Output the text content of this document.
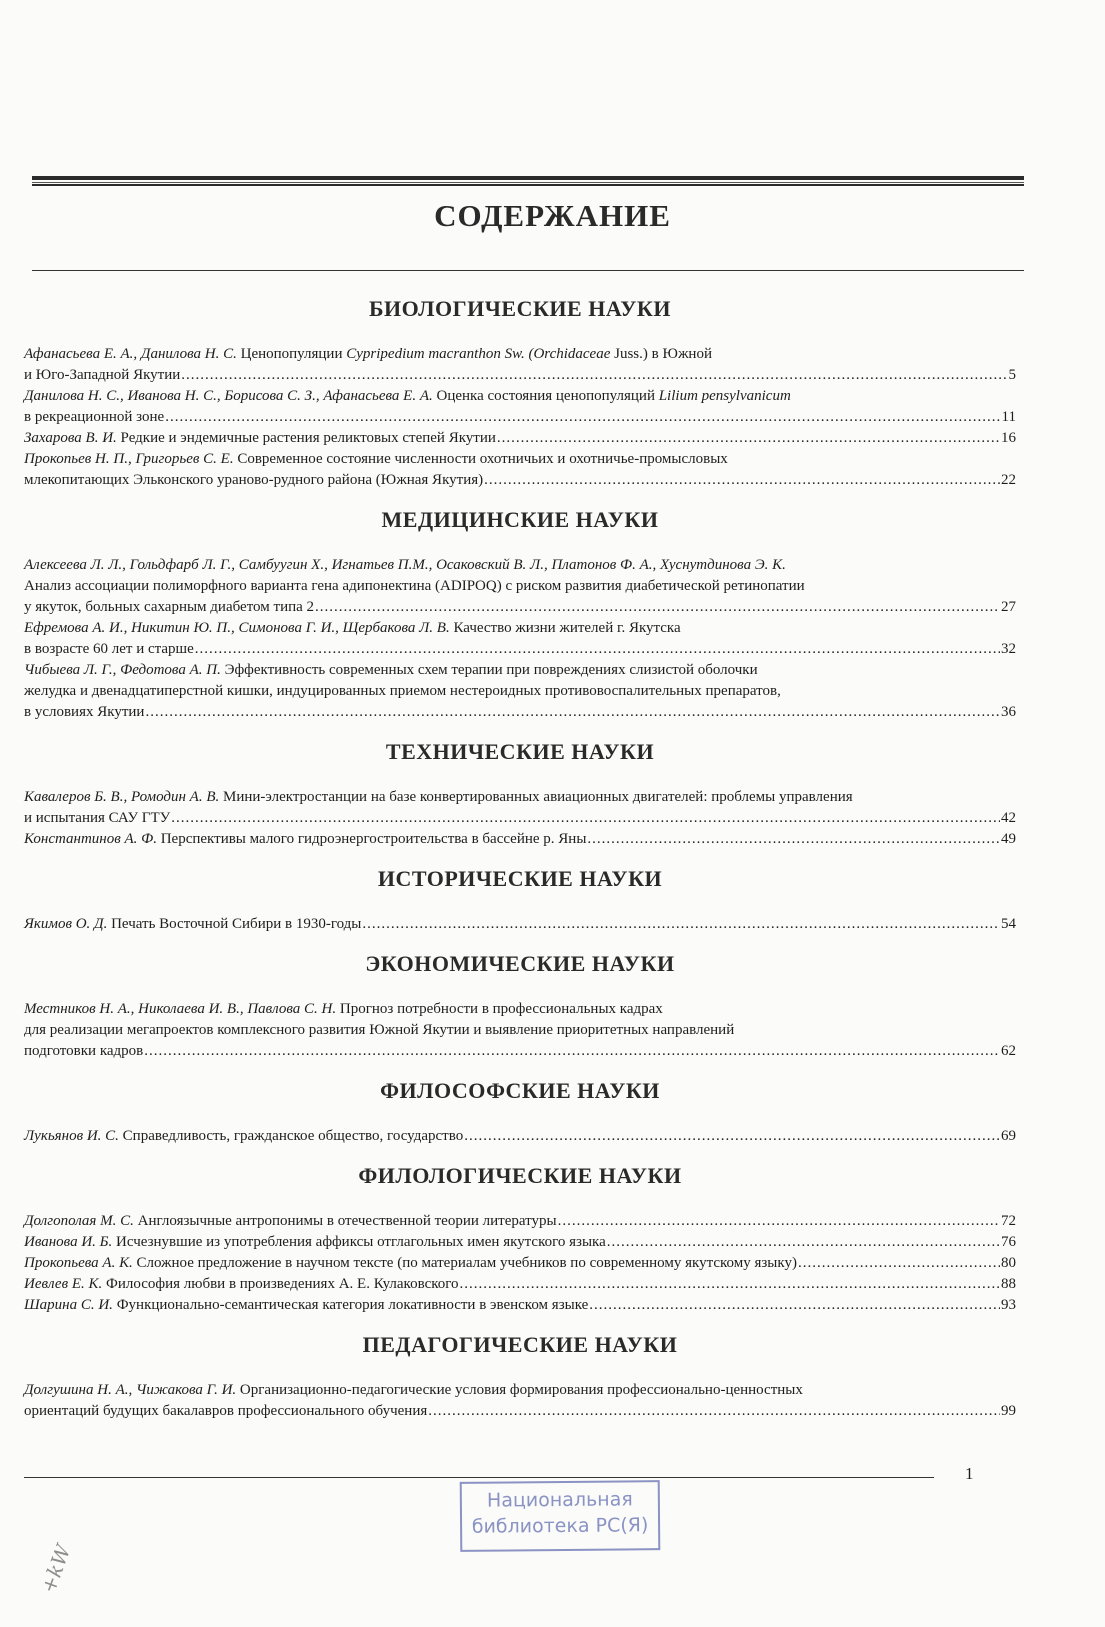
СОДЕРЖАНИЕ
БИОЛОГИЧЕСКИЕ НАУКИ
Афанасьева Е. А., Данилова Н. С. Ценопопуляции Cypripedium macranthon Sw. (Orchidaceae Juss.) в Южной
и Юго-Западной Якутии .....	5
Данилова Н. С., Иванова Н. С., Борисова С. З., Афанасьева Е. А. Оценка состояния ценопопуляций Lilium pensylvanicum
в рекреационной зоне .....	11
Захарова В. И. Редкие и эндемичные растения реликтовых степей Якутии .....	16
Прокопьев Н. П., Григорьев С. Е. Современное состояние численности охотничьих и охотничье-промысловых
млекопитающих Эльконского ураново-рудного района (Южная Якутия) .....	22
МЕДИЦИНСКИЕ НАУКИ
Алексеева Л. Л., Гольдфарб Л. Г., Самбуугин Х., Игнатьев П.М., Осаковский В. Л., Платонов Ф. А., Хуснутдинова Э. К.
Анализ ассоциации полиморфного варианта гена адипонектина (ADIPOQ) с риском развития диабетической ретинопатии
у якуток, больных сахарным диабетом типа 2 .....	27
Ефремова А. И., Никитин Ю. П., Симонова Г. И., Щербакова Л. В. Качество жизни жителей г. Якутска
в возрасте 60 лет и старше .....	32
Чибыева Л. Г., Федотова А. П. Эффективность современных схем терапии при повреждениях слизистой оболочки
желудка и двенадцатиперстной кишки, индуцированных приемом нестероидных противовоспалительных препаратов,
в условиях Якутии .....	36
ТЕХНИЧЕСКИЕ НАУКИ
Кавалеров Б. В., Ромодин А. В. Мини-электростанции на базе конвертированных авиационных двигателей: проблемы управления
и испытания САУ ГТУ .....	42
Константинов А. Ф. Перспективы малого гидроэнергостроительства в бассейне р. Яны .....	49
ИСТОРИЧЕСКИЕ НАУКИ
Якимов О. Д. Печать Восточной Сибири в 1930-годы .....	54
ЭКОНОМИЧЕСКИЕ НАУКИ
Местников Н. А., Николаева И. В., Павлова С. Н. Прогноз потребности в профессиональных кадрах
для реализации мегапроектов комплексного развития Южной Якутии и выявление приоритетных направлений
подготовки кадров .....	62
ФИЛОСОФСКИЕ НАУКИ
Лукьянов И. С. Справедливость, гражданское общество, государство .....	69
ФИЛОЛОГИЧЕСКИЕ НАУКИ
Долгополая М. С. Англоязычные антропонимы в отечественной теории литературы .....	72
Иванова И. Б. Исчезнувшие из употребления аффиксы отглагольных имен якутского языка .....	76
Прокопьева А. К. Сложное предложение в научном тексте (по материалам учебников по современному якутскому языку) .....	80
Иевлев Е. К. Философия любви в произведениях А. Е. Кулаковского .....	88
Шарина С. И. Функционально-семантическая категория локативности в эвенском языке .....	93
ПЕДАГОГИЧЕСКИЕ НАУКИ
Долгушина Н. А., Чижакова Г. И. Организационно-педагогические условия формирования профессионально-ценностных
ориентаций будущих бакалавров профессионального обучения .....	99
1
Национальная
библиотека РС(Я)
+kW
